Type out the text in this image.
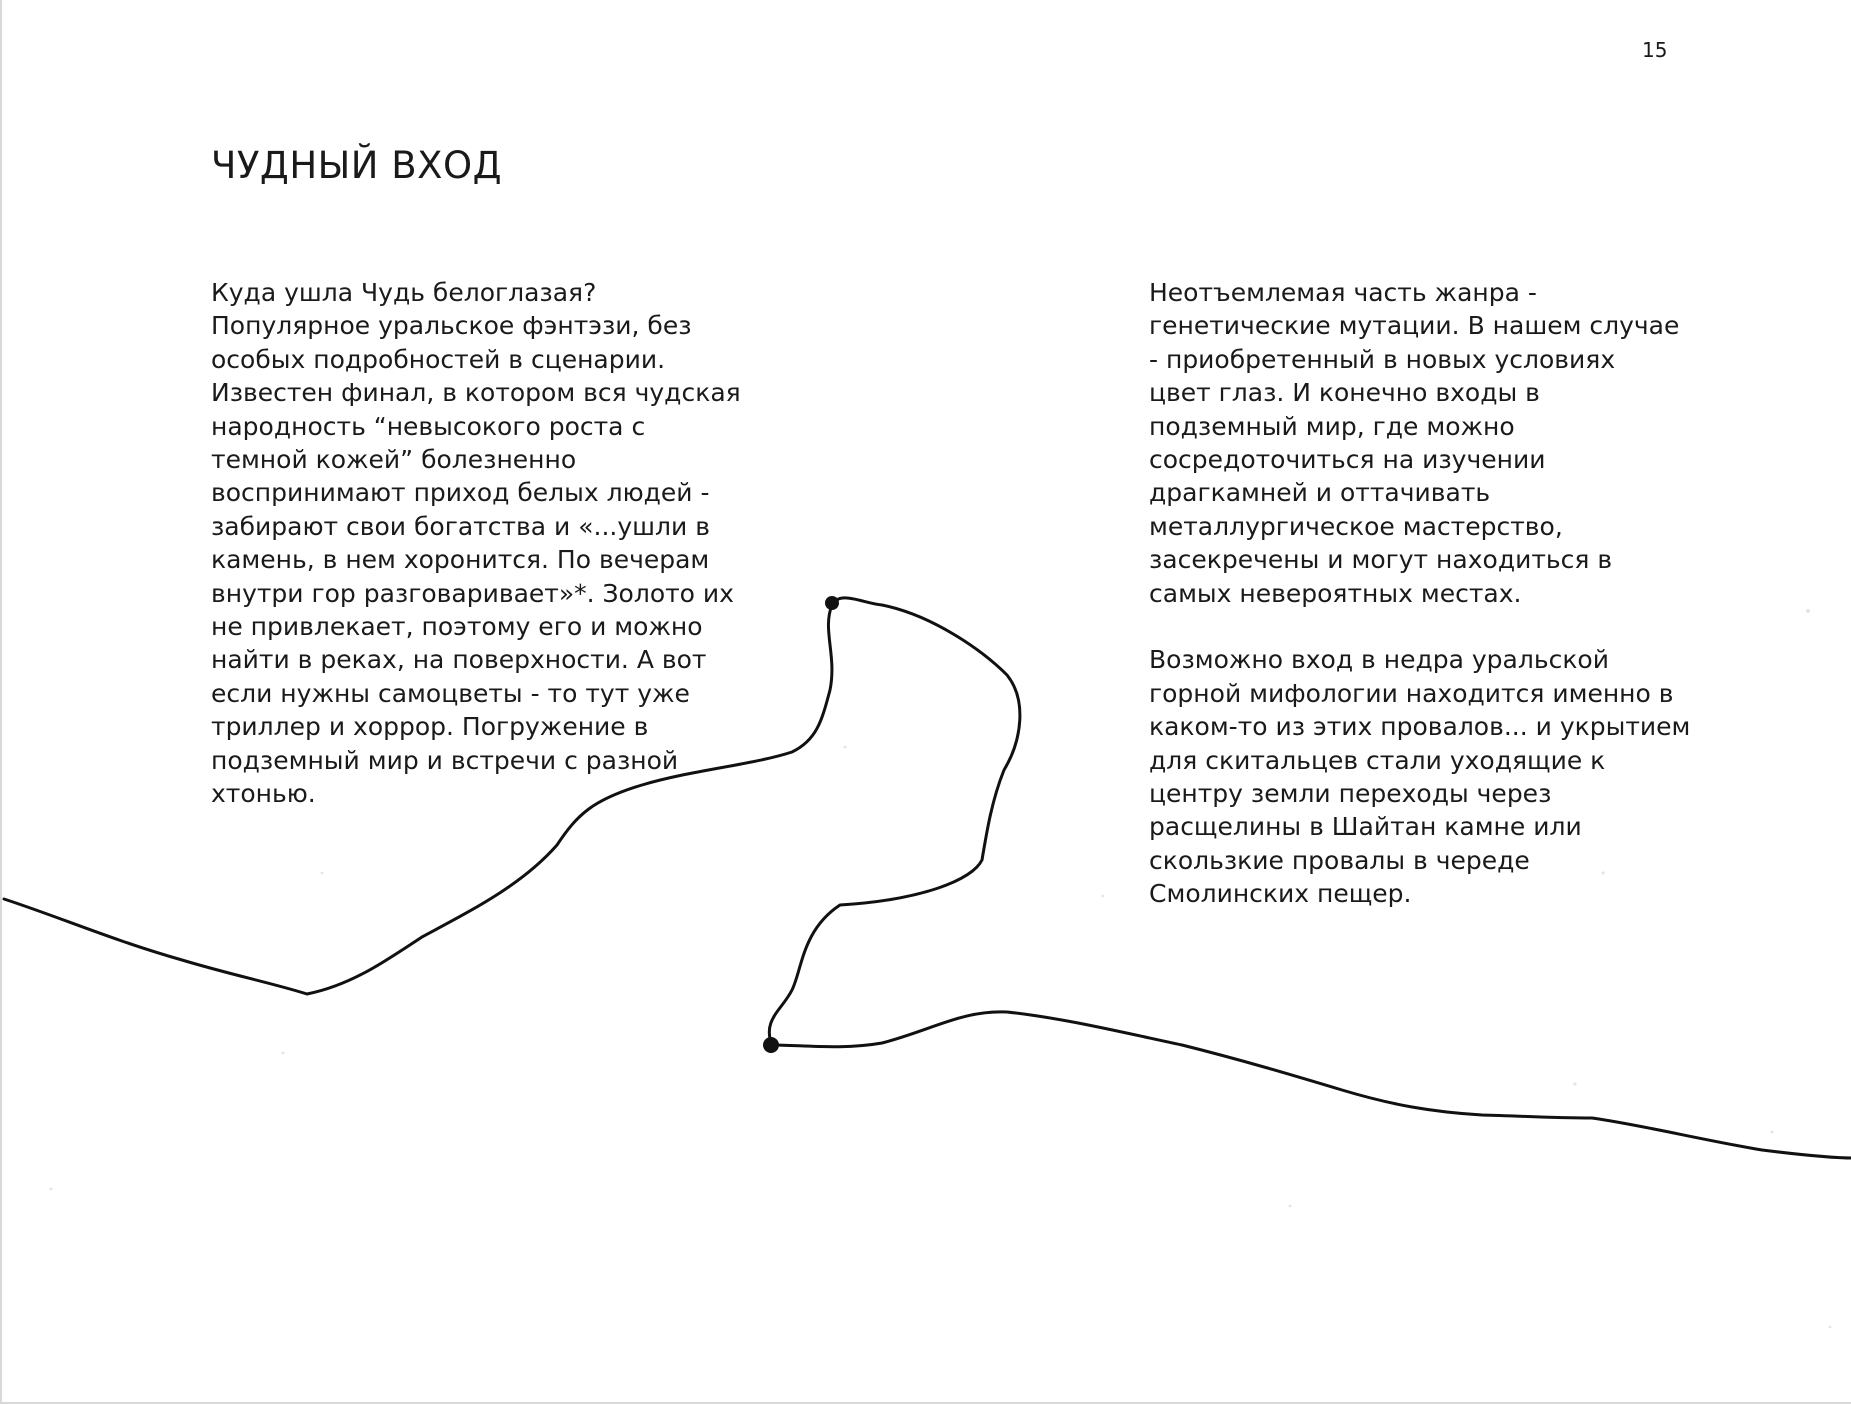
15
ЧУДНЫЙ ВХОД

Куда ушла Чудь белоглазая?
Популярное уральское фэнтэзи, без
особых подробностей в сценарии.
Известен финал, в котором вся чудская
народность “невысокого роста с
темной кожей” болезненно
воспринимают приход белых людей -
забирают свои богатства и «...ушли в
камень, в нем хоронится. По вечерам
внутри гор разговаривает»*. Золото их
не привлекает, поэтому его и можно
найти в реках, на поверхности. А вот
если нужны самоцветы - то тут уже
триллер и хоррор. Погружение в
подземный мир и встречи с разной
хтонью.

Неотъемлемая часть жанра -
генетические мутации. В нашем случае
- приобретенный в новых условиях
цвет глаз. И конечно входы в
подземный мир, где можно
сосредоточиться на изучении
драгкамней и оттачивать
металлургическое мастерство,
засекречены и могут находиться в
самых невероятных местах.

Возможно вход в недра уральской
горной мифологии находится именно в
каком-то из этих провалов... и укрытием
для скитальцев стали уходящие к
центру земли переходы через
расщелины в Шайтан камне или
скользкие провалы в череде
Смолинских пещер.
